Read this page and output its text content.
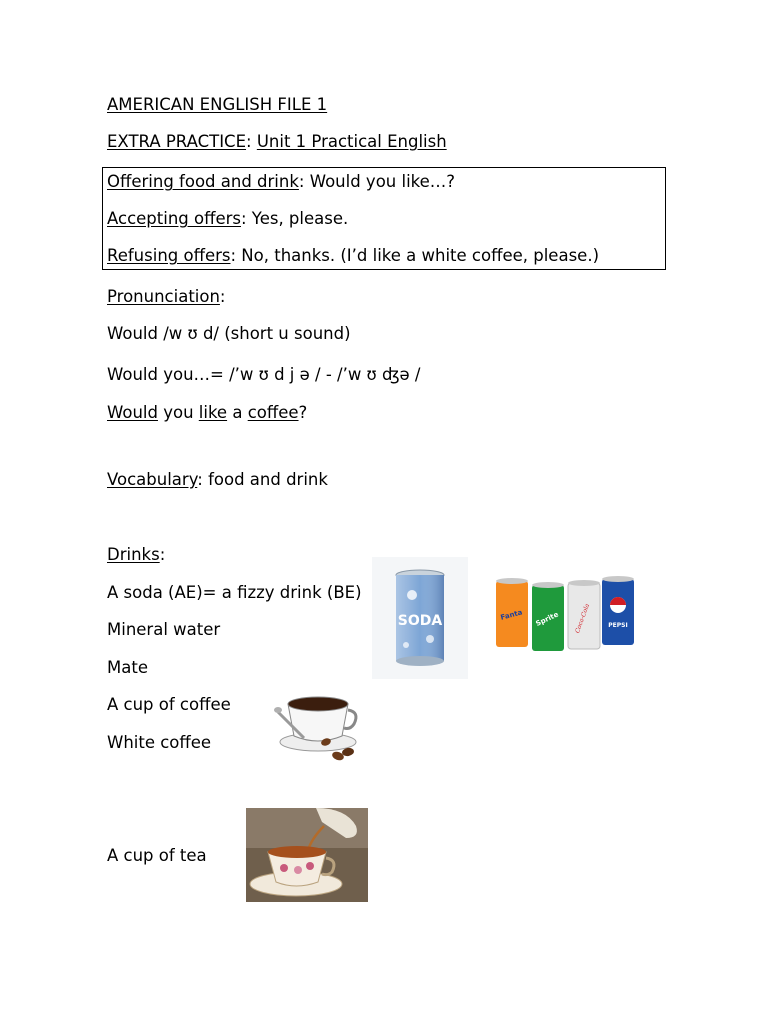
AMERICAN ENGLISH FILE 1
EXTRA PRACTICE: Unit 1 Practical English
Offering food and drink: Would you like…?
Accepting offers: Yes, please.
Refusing offers: No, thanks. (I’d like a white coffee, please.)
Pronunciation:
Would /w ʊ d/ (short u sound)
Would you…= /’w ʊ d j ə / - /’w ʊ ʤə /
Would you like a coffee?
Vocabulary: food and drink
Drinks:
A soda (AE)= a fizzy drink (BE)
Mineral water
Mate
A cup of coffee
White coffee
A cup of tea
SODA	Fanta Sprite Coca-Cola	PEPSI
